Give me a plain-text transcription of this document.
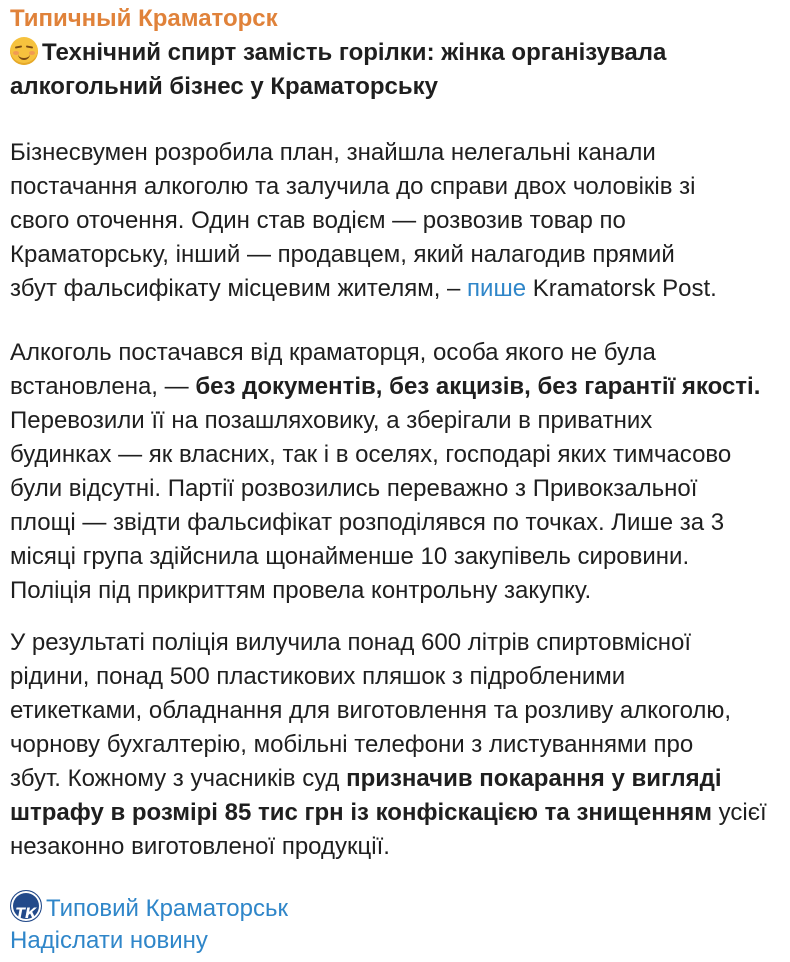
Типичный Краматорск
Технічний спирт замість горілки: жінка організувала
алкогольний бізнес у Краматорську
Бізнесвумен розробила план, знайшла нелегальні канали
постачання алкоголю та залучила до справи двох чоловіків зі
свого оточення. Один став водієм — розвозив товар по
Краматорську, інший — продавцем, який налагодив прямий
збут фальсифікату місцевим жителям, – пише Kramatorsk Post.
Алкоголь постачався від краматорця, особа якого не була
встановлена, — без документів, без акцизів, без гарантії якості.
Перевозили її на позашляховику, а зберігали в приватних
будинках — як власних, так і в оселях, господарі яких тимчасово
були відсутні. Партії розвозились переважно з Привокзальної
площі — звідти фальсифікат розподілявся по точках. Лише за 3
місяці група здійснила щонайменше 10 закупівель сировини.
Поліція під прикриттям провела контрольну закупку.
У результаті поліція вилучила понад 600 літрів спиртовмісної
рідини, понад 500 пластикових пляшок з підробленими
етикетками, обладнання для виготовлення та розливу алкоголю,
чорнову бухгалтерію, мобільні телефони з листуваннями про
збут. Кожному з учасників суд призначив покарання у вигляді
штрафу в розмірі 85 тис грн із конфіскацією та знищенням усієї
незаконно виготовленої продукції.
ТК Типовий Краматорськ
Надіслати новину
